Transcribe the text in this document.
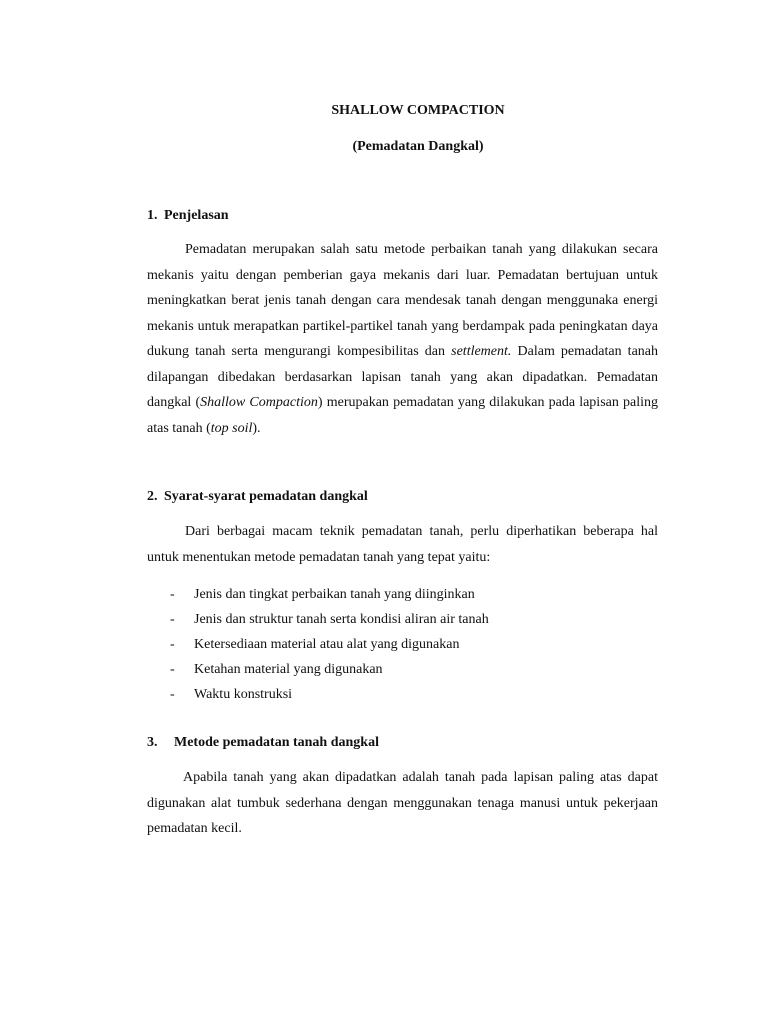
SHALLOW COMPACTION
(Pemadatan Dangkal)
1. Penjelasan

Pemadatan merupakan salah satu metode perbaikan tanah yang dilakukan secara mekanis yaitu dengan pemberian gaya mekanis dari luar. Pemadatan bertujuan untuk meningkatkan berat jenis tanah dengan cara mendesak tanah dengan menggunaka energi mekanis untuk merapatkan partikel-partikel tanah yang berdampak pada peningkatan daya dukung tanah serta mengurangi kompesibilitas dan settlement. Dalam pemadatan tanah dilapangan dibedakan berdasarkan lapisan tanah yang akan dipadatkan. Pemadatan dangkal (Shallow Compaction) merupakan pemadatan yang dilakukan pada lapisan paling atas tanah (top soil).

2. Syarat-syarat pemadatan dangkal

Dari berbagai macam teknik pemadatan tanah, perlu diperhatikan beberapa hal untuk menentukan metode pemadatan tanah yang tepat yaitu:

- Jenis dan tingkat perbaikan tanah yang diinginkan
- Jenis dan struktur tanah serta kondisi aliran air tanah
- Ketersediaan material atau alat yang digunakan
- Ketahan material yang digunakan
- Waktu konstruksi
3. Metode pemadatan tanah dangkal

Apabila tanah yang akan dipadatkan adalah tanah pada lapisan paling atas dapat digunakan alat tumbuk sederhana dengan menggunakan tenaga manusi untuk pekerjaan pemadatan kecil.
